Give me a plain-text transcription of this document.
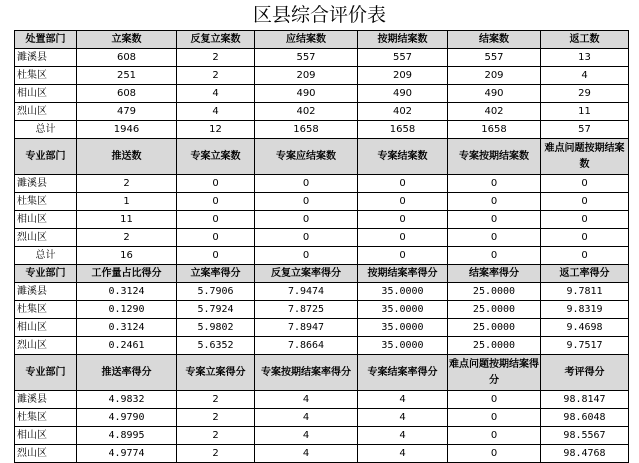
区县综合评价表
处置部门	立案数	反复立案数	应结案数	按期结案数	结案数	返工数
濉溪县	608	2	557	557	557	13
杜集区	251	2	209	209	209	4
相山区	608	4	490	490	490	29
烈山区	479	4	402	402	402	11
总计	1946	12	1658	1658	1658	57
专业部门	推送数	专案立案数	专案应结案数	专案结案数	专案按期结案数	难点问题按期结案数
濉溪县	2	0	0	0	0	0
杜集区	1	0	0	0	0	0
相山区	11	0	0	0	0	0
烈山区	2	0	0	0	0	0
总计	16	0	0	0	0	0
专业部门	工作量占比得分	立案率得分	反复立案率得分	按期结案率得分	结案率得分	返工率得分
濉溪县	0.3124	5.7906	7.9474	35.0000	25.0000	9.7811
杜集区	0.1290	5.7924	7.8725	35.0000	25.0000	9.8319
相山区	0.3124	5.9802	7.8947	35.0000	25.0000	9.4698
烈山区	0.2461	5.6352	7.8664	35.0000	25.0000	9.7517
专业部门	推送率得分	专案立案得分	专案按期结案率得分	专案结案率得分	难点问题按期结案得分	考评得分
濉溪县	4.9832	2	4	4	0	98.8147
杜集区	4.9790	2	4	4	0	98.6048
相山区	4.8995	2	4	4	0	98.5567
烈山区	4.9774	2	4	4	0	98.4768
